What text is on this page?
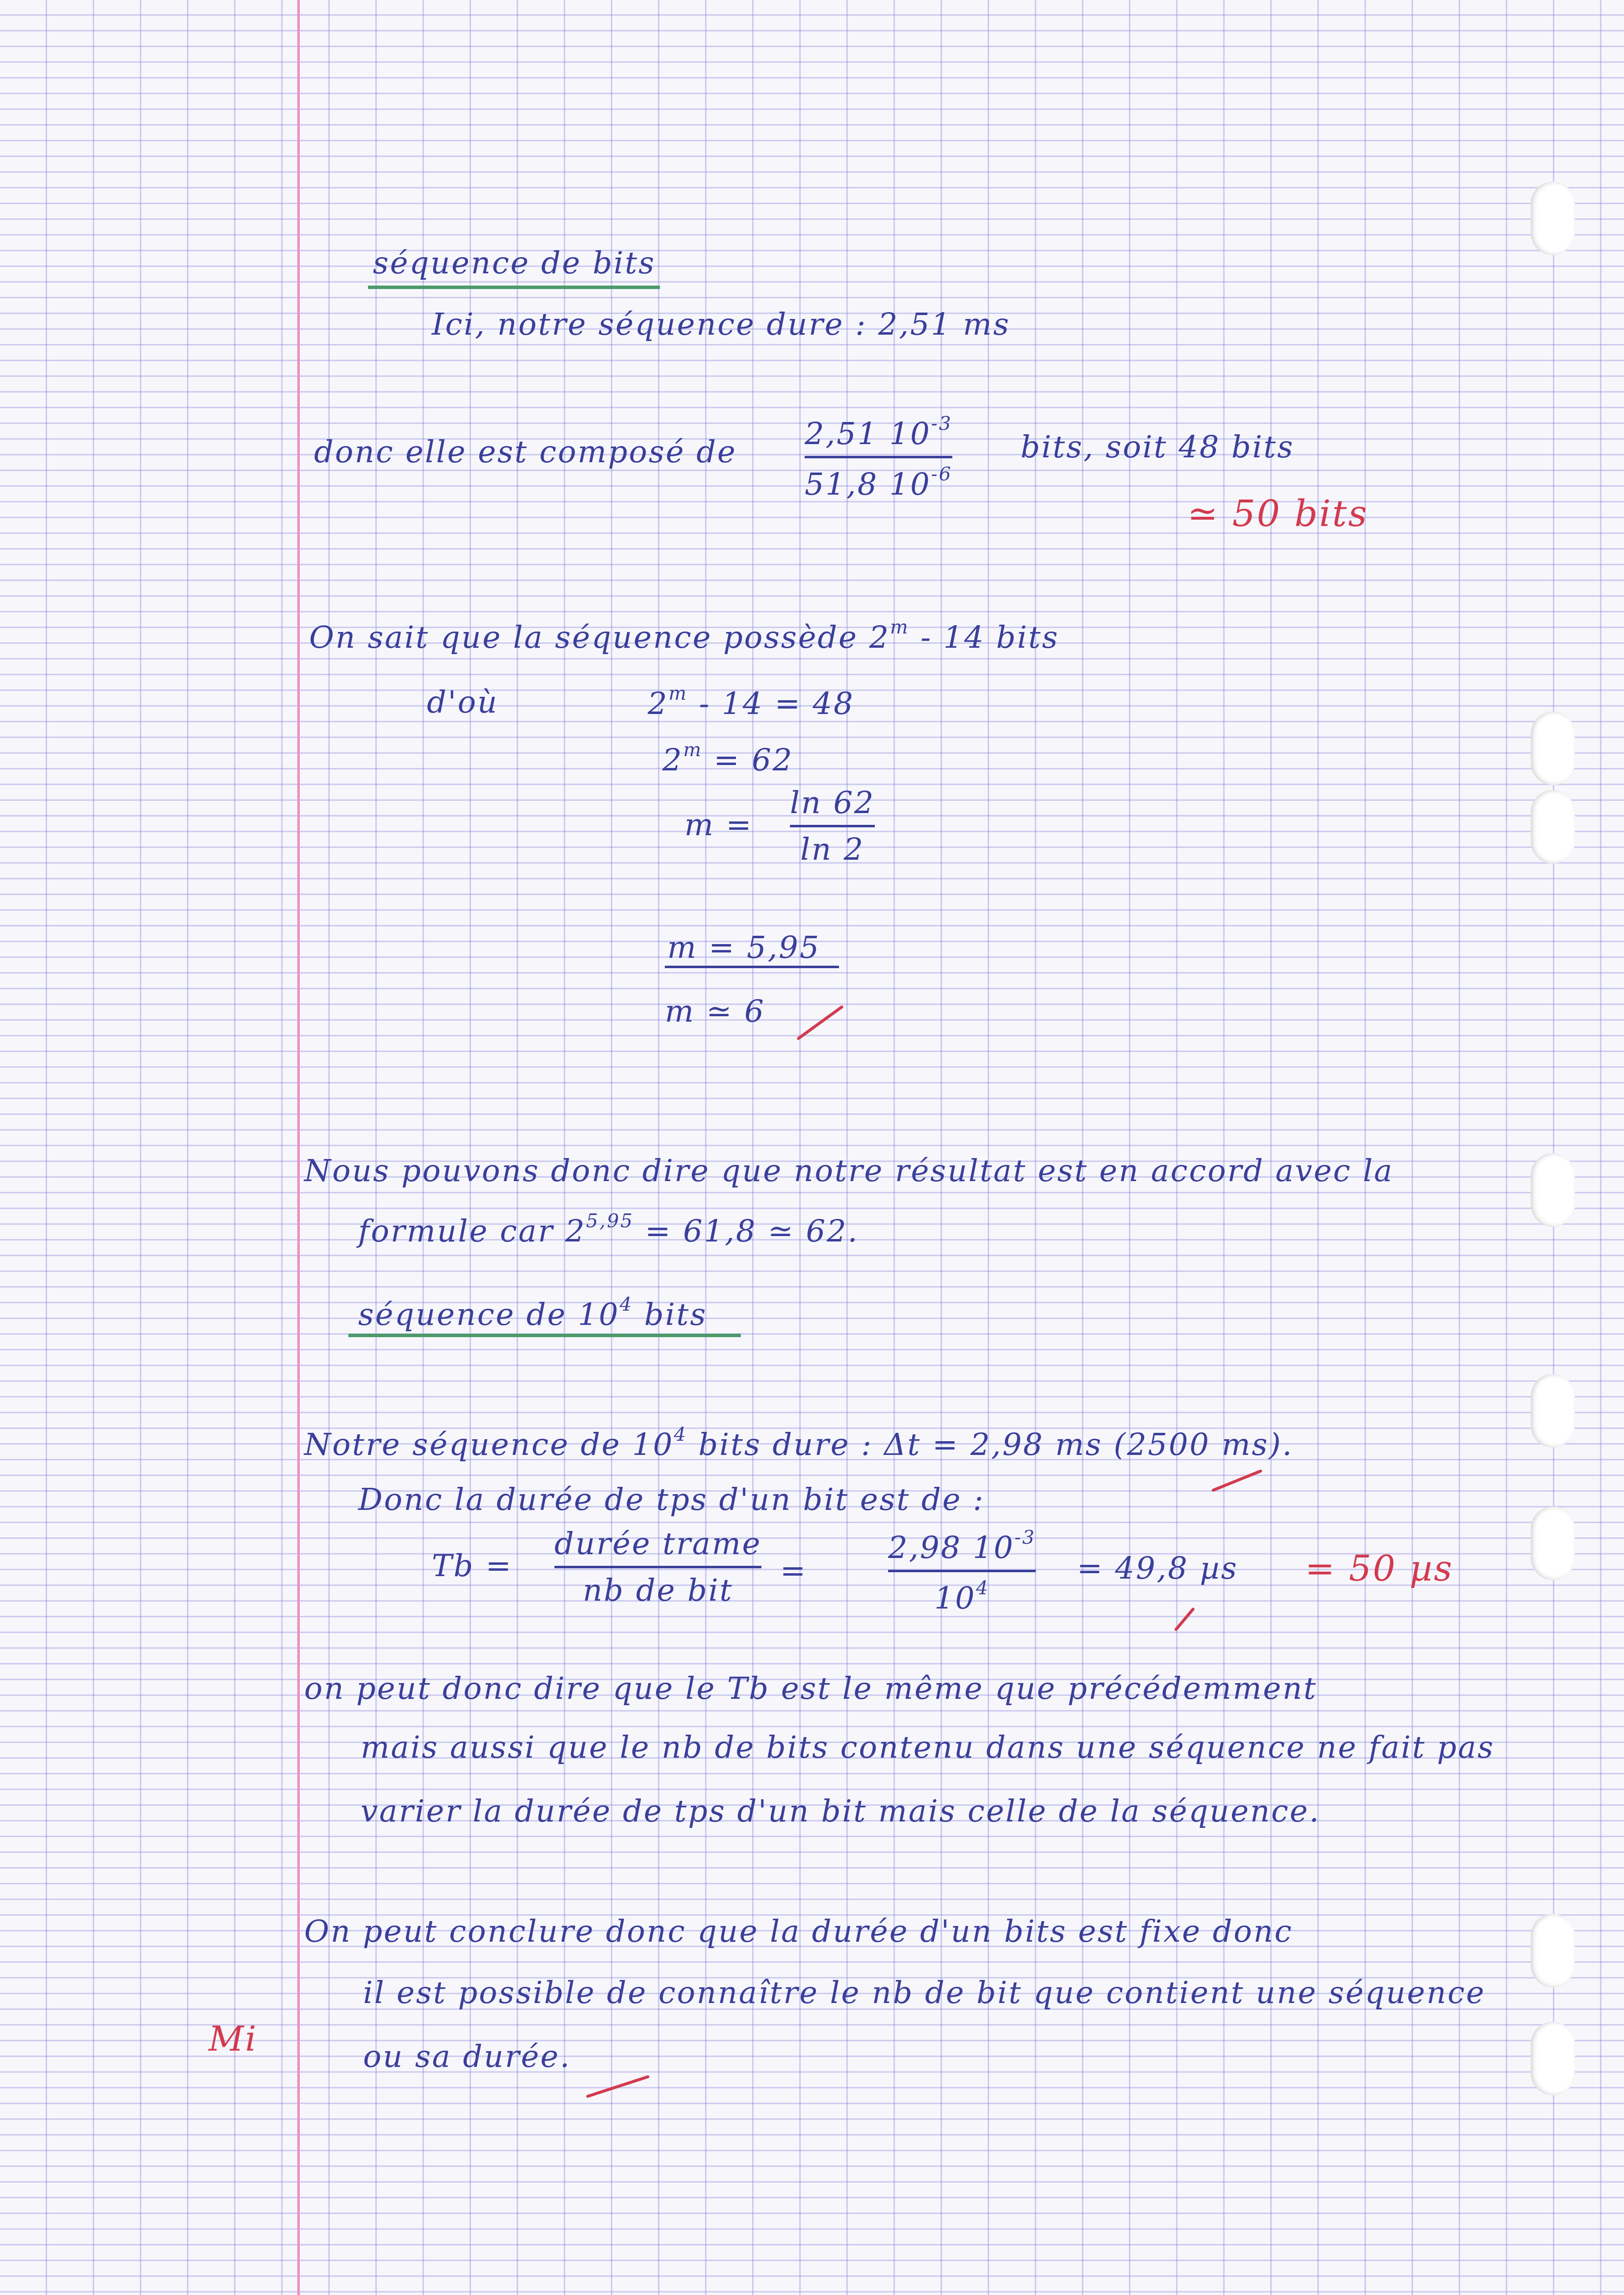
séquence de bits
Ici, notre séquence dure : 2,51 ms
donc elle est composé de
2,51 $10^{-3}$
51,8 $10^{-6}$
bits, soit 48 bits
≃ 50 bits
On sait que la séquence possède 2$^m$ - 14 bits
d'où	2$^m$ - 14 = 48
$2^m = 62$
m =
ln 62
ln 2
m = 5,95
m ≃ 6
Nous pouvons donc dire que notre résultat est en accord avec la
formule car $2^{5,95} = 61,8$ ≃ 62.
séquence de $10^4$ bits
Notre séquence de $10^4$ bits dure : Δt = 2,98 ms (2500 ms).
Donc la durée de tps d'un bit est de :
Tb =
durée trame
nb de bit
=
2,98 $10^{-3}$
$10^4$
= 49,8 µs = 50 µs
on peut donc dire que le Tb est le même que précédemment
mais aussi que le nb de bits contenu dans une séquence ne fait pas
varier la durée de tps d'un bit mais celle de la séquence.
On peut conclure donc que la durée d'un bits est fixe donc
il est possible de connaître le nb de bit que contient une séquence
ou sa durée.
Mi
